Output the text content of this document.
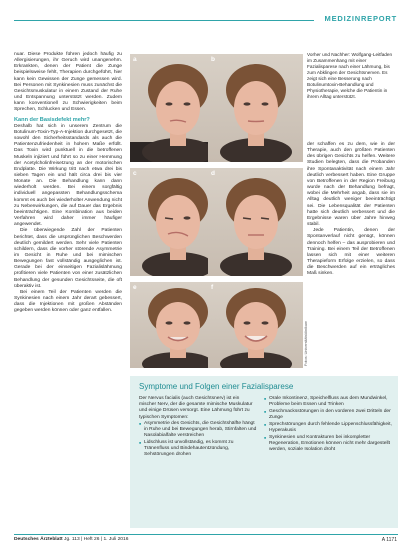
MEDIZINREPORT

nuar. Diese Produkte führen jedoch häufig zu Allergisierungen, ihr Geruch wird unangenehm. Erkrankten, denen der Patient die Zunge beispielsweise fehlt, Therapien durchgeführt, hier kann kein Gewissen der Zunge gemessen wird. Bei Personen mit Synkinesien muss zunächst die Gesichtsmuskulatur in einem Zustand der Ruhe und Entspannung unterstützt werden. Zudem kann konventionell zu Schwierigkeiten beim Sprechen, Schlucken und Essen.

Kann der Basisdefekt mehr?

Deshalb hat sich in unserem Zentrum die Botulinum-Toxin-Typ-A-Injektion durchgesetzt, die sowohl den Sicherheitsstandards als auch die Patientenzufriedenheit in hohem Maße erfüllt. Das Toxin wird punktuell in die betroffenen Muskeln injiziert und führt so zu einer Hemmung der Acetylcholinfreisetzung an der motorischen Endplatte. Die Wirkung tritt nach etwa drei bis sieben Tagen ein und hält circa drei bis vier Monate an. Die Behandlung kann dann wiederholt werden. Bei einem sorgfältig individuell angepassten Behandlungsschema kommt es auch bei wiederholter Anwendung nicht zu Nebenwirkungen, die auf Dauer das Ergebnis beeinträchtigen. Eine Kombination aus beiden Verfahren wird daher immer häufiger angewendet.

Die überwiegende Zahl der Patienten berichtet, dass die ursprünglichen Beschwerden deutlich gemildert werden. Sehr viele Patienten schildern, dass die vorher störende Asymmetrie im Gesicht in Ruhe und bei mimischen Bewegungen fast vollständig ausgeglichen ist. Gerade bei der einseitigen Fazialislähmung profitieren viele Patienten von einer zusätzlichen Behandlung der gesunden Gesichtsseite, die oft überaktiv ist.

Bei einem Teil der Patienten werden die Synkinesien nach einem Jahr derart gebessert, dass die Injektionen mit großen Abständen gegeben werden können oder ganz entfallen.

a	b
c	d
e	f
Fotos: Universitätsklinikum
Vorher und Nachher: Wolfgang-Leitfaden im Zusammenhang mit einer Fazialisparese nach einer Lähmung, bis zum Abklingen der Gesichtsnerven. Es zeigt sich eine Besserung nach Botulinumtoxin-Behandlung und Physiotherapie, welche die Patientin in ihrem Alltag unterstützt.

der schaffen es zu dem, wie in der Therapie, auch den größten Patienten des übrigen Gesichts zu helfen. Weitere Studien belegten, dass die Probanden ihre Spontanaktivität nach einem Jahr deutlich verbessert haben. Eine Gruppe von Betroffenen in der Region Freiburg wurde nach der Behandlung befragt, wobei die Mehrheit angab, dass sie im Alltag deutlich weniger beeinträchtigt sei. Die Lebensqualität der Patienten hatte sich deutlich verbessert und die Ergebnisse waren über Jahre hinweg stabil.

Jede Patientin, denen der Spontanverlauf nicht genügt, können dennoch helfen – das ausprobieren und Training. Bei einem Teil der Betroffenen lassen sich mit einer weiteren Therapieform Erfolge erzielen, so dass die Beschwerden auf ein erträgliches Maß sinken.

Symptome und Folgen einer Fazialisparese

Der Nervus facialis (auch Gesichtsnerv) ist ein mischer Nerv, der die gesamte mimische Muskulatur und einige Drüsen versorgt. Eine Lähmung führt zu typischen Symptomen:

■ Asymmetrie des Gesichts, die Gesichtshälfte hängt in Ruhe und bei Bewegungen herab, Stirnfalten und Nasolabialfalte verstreichen
■ Lidschluss ist unvollständig, es kommt zu Tränenfluss und Bindehautentzündung, Sehstörungen drohen
■ Orale Inkontinenz, Speichelfluss aus dem Mundwinkel, Probleme beim Essen und Trinken
■ Geschmacksstörungen in den vorderen zwei Dritteln der Zunge
■ Sprechstörungen durch fehlende Lippenschlussfähigkeit, Hyperakusis
■ Synkinesien und Kontrakturen bei inkompletter Regeneration, Emotionen können nicht mehr dargestellt werden, soziale Isolation droht
Deutsches Ärzteblatt Jg. 113 | Heft 26 | 1. Juli 2016	A 1171
